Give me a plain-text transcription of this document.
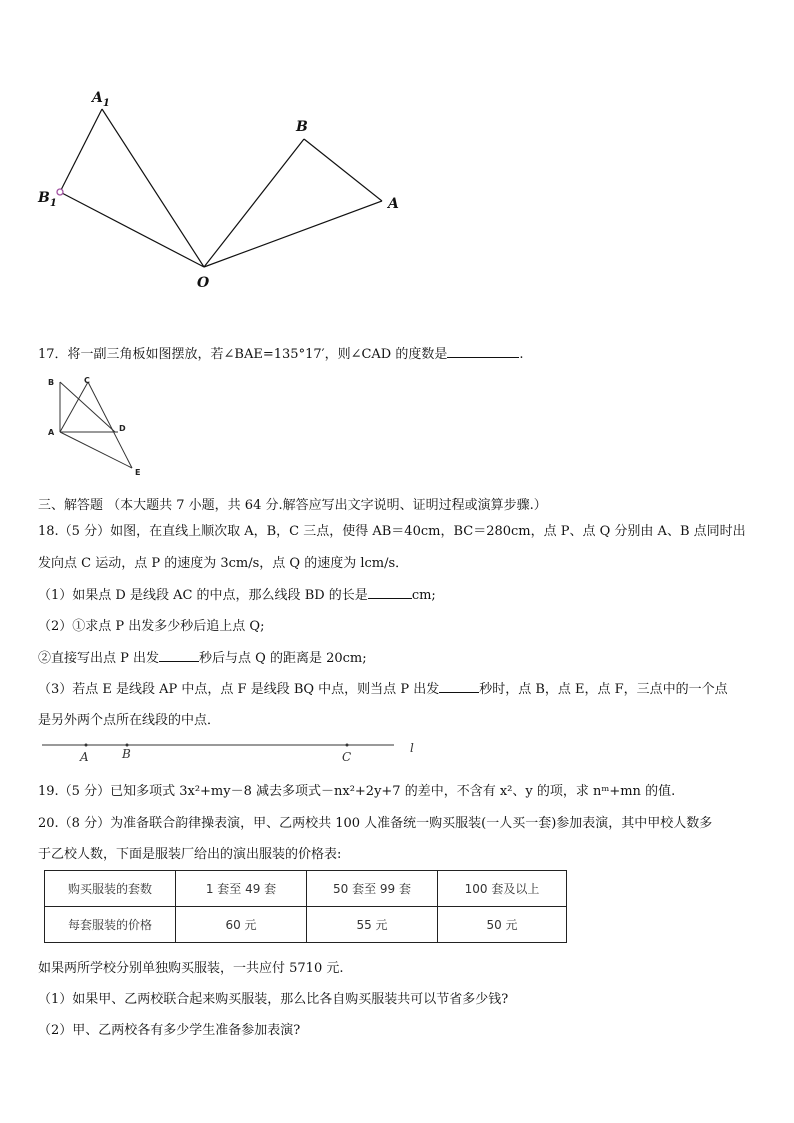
$A_1$
$B_1$
B
A
O
17．将一副三角板如图摆放，若∠BAE=135°17′，则∠CAD 的度数是	.
B	C
A	D
E
三、解答题 （本大题共 7 小题，共 64 分.解答应写出文字说明、证明过程或演算步骤.）
18.（5 分）如图，在直线上顺次取 A，B，C 三点，使得 AB＝40cm，BC＝280cm，点 P、点 Q 分别由 A、B 点同时出
发向点 C 运动，点 P 的速度为 3cm/s，点 Q 的速度为 lcm/s．
（1）如果点 D 是线段 AC 的中点，那么线段 BD 的长是	cm;
（2）①求点 P 出发多少秒后追上点 Q;
②直接写出点 P 出发	秒后与点 Q 的距离是 20cm;
（3）若点 E 是线段 AP 中点，点 F 是线段 BQ 中点，则当点 P 出发	秒时，点 B，点 E，点 F，三点中的一个点
是另外两个点所在线段的中点．
A	B	C
l
19.（5 分）已知多项式 3x²+my－8 减去多项式－nx²+2y+7 的差中，不含有 x²、y 的项，求 nᵐ+mn 的值.
20.（8 分）为准备联合韵律操表演，甲、乙两校共 100 人准备统一购买服装(一人买一套)参加表演，其中甲校人数多
于乙校人数，下面是服装厂给出的演出服装的价格表:
购买服装的套数	1 套至 49 套	50 套至 99 套	100 套及以上
每套服装的价格	60 元	55 元	50 元
如果两所学校分别单独购买服装，一共应付 5710 元.
（1）如果甲、乙两校联合起来购买服装，那么比各自购买服装共可以节省多少钱?
（2）甲、乙两校各有多少学生准备参加表演?
